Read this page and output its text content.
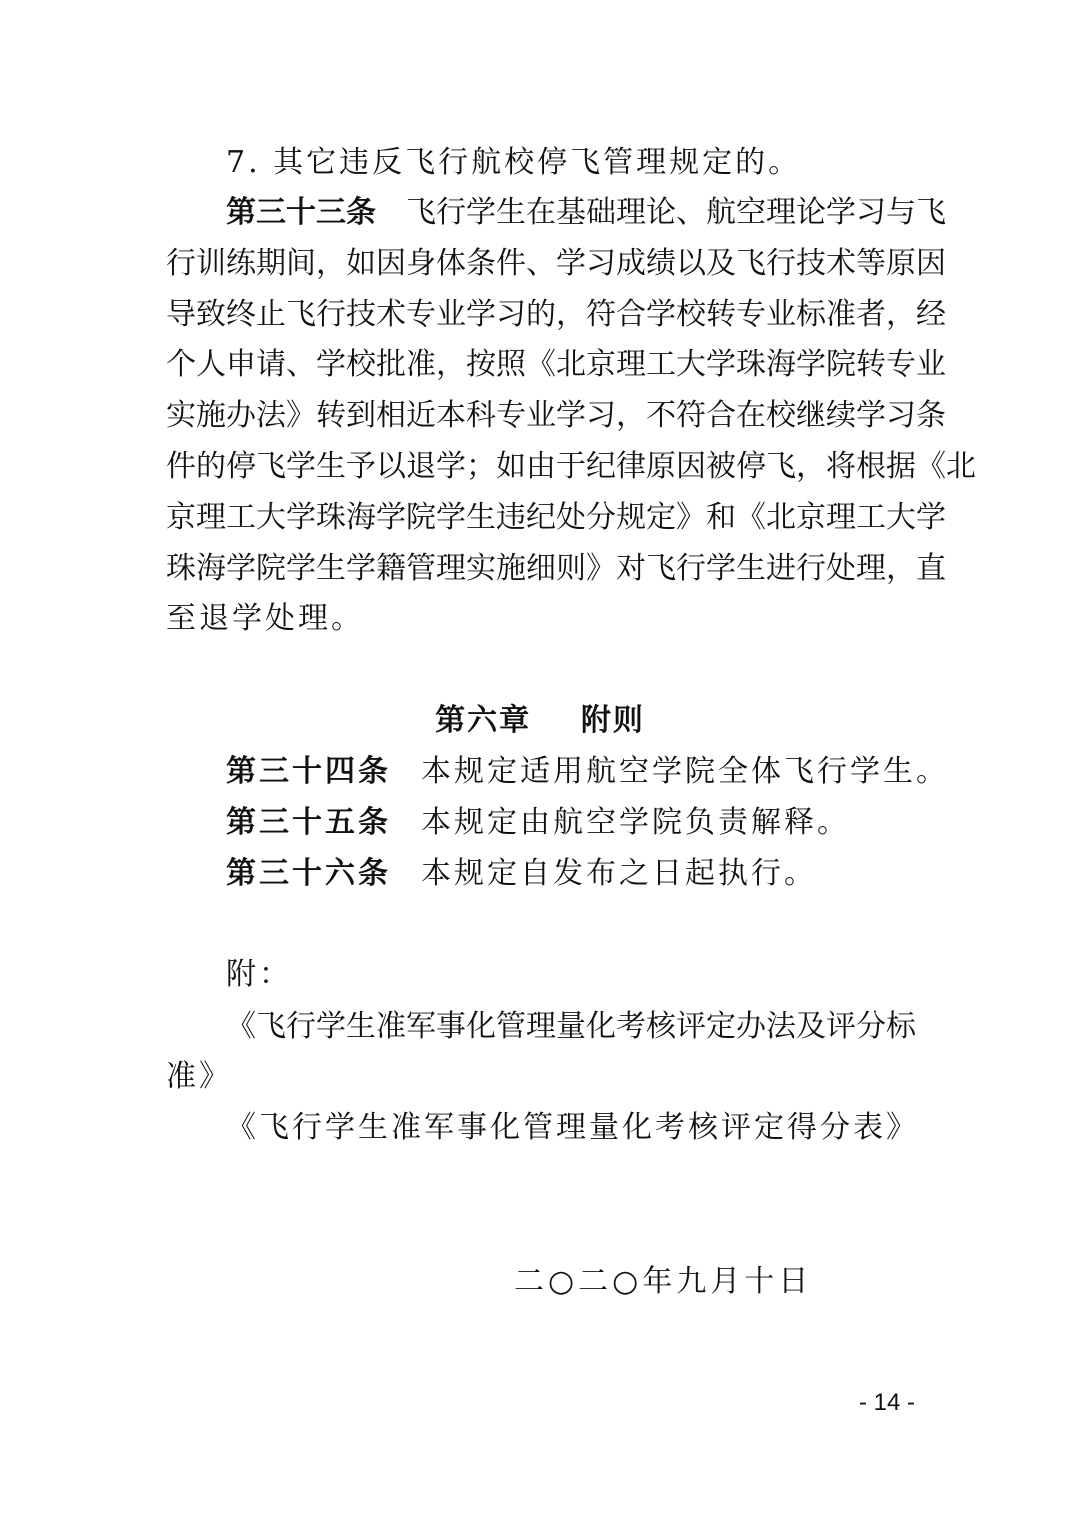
7. 其它违反飞行航校停飞管理规定的。
第三十三条 飞行学生在基础理论、航空理论学习与飞
行训练期间，如因身体条件、学习成绩以及飞行技术等原因
导致终止飞行技术专业学习的，符合学校转专业标准者，经
个人申请、学校批准，按照《北京理工大学珠海学院转专业
实施办法》转到相近本科专业学习，不符合在校继续学习条
件的停飞学生予以退学；如由于纪律原因被停飞，将根据《北
京理工大学珠海学院学生违纪处分规定》和《北京理工大学
珠海学院学生学籍管理实施细则》对飞行学生进行处理，直
至退学处理。
第六章    附则
第三十四条 本规定适用航空学院全体飞行学生。
第三十五条 本规定由航空学院负责解释。
第三十六条 本规定自发布之日起执行。
附：
《飞行学生准军事化管理量化考核评定办法及评分标
准》
《飞行学生准军事化管理量化考核评定得分表》
二○二○年九月十日
- 14 -
